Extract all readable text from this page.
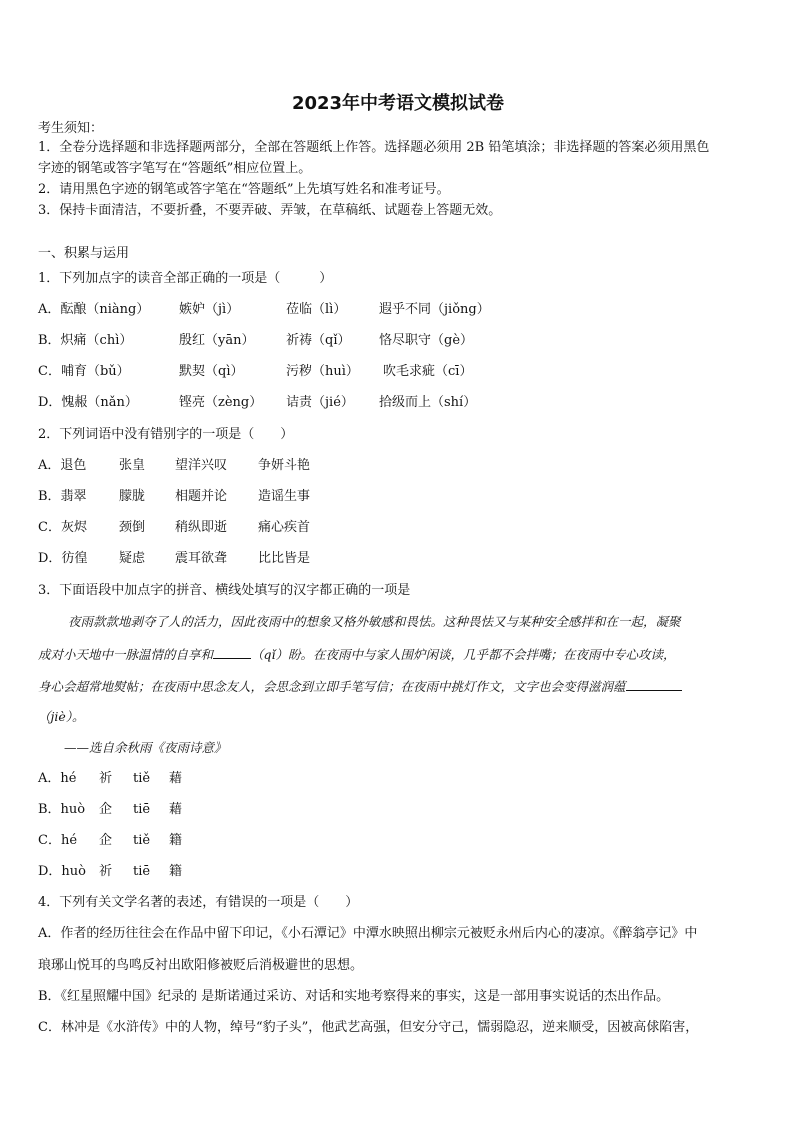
2023年中考语文模拟试卷
考生须知：
1．全卷分选择题和非选择题两部分，全部在答题纸上作答。选择题必须用 2B 铅笔填涂；非选择题的答案必须用黑色
字迹的钢笔或答字笔写在“答题纸”相应位置上。
2．请用黑色字迹的钢笔或答字笔在“答题纸”上先填写姓名和准考证号。
3．保持卡面清洁，不要折叠，不要弄破、弄皱，在草稿纸、试题卷上答题无效。
一、积累与运用
1．下列加点字的读音全部正确的一项是（　　　）
A．酝酿（niàng） 嫉妒（jì）	莅临（lì）	遐乎不同（jiǒng）
B．炽痛（chì）	殷红（yān） 祈祷（qǐ） 恪尽职守（gè）
C．哺育（bǔ）	默契（qì）	污秽（huì） 吹毛求疵（cī）
D．愧赧（nǎn）	铿亮（zèng） 诘责（jié） 拾级而上（shí）
2．下列词语中没有错别字的一项是（　　）
A．退色	张皇 望洋兴叹 争妍斗艳
B．翡翠 朦胧 相题并论 造谣生事
C．灰烬 颈倒 稍纵即逝 痛心疾首
D．彷徨 疑虑 震耳欲聋 比比皆是
3．下面语段中加点字的拼音、横线处填写的汉字都正确的一项是
夜雨款款地剥夺了人的活力，因此夜雨中的想象又格外敏感和畏怯。这种畏怯又与某种安全感拌和在一起，凝聚
成对小天地中一脉温情的自享和	（qǐ）盼。在夜雨中与家人围炉闲谈，几乎都不会拌嘴；在夜雨中专心攻读，
身心会超常地熨帖；在夜雨中思念友人，会思念到立即手笔写信；在夜雨中挑灯作文，文字也会变得滋润蕴
（jiè）。
——选自余秋雨《夜雨诗意》
A．hé 祈 tiě 藉
B．huò 企 tiē 藉
C．hé 企 tiě 籍
D．huò 祈 tiē 籍
4．下列有关文学名著的表述，有错误的一项是（　　）
A．作者的经历往往会在作品中留下印记，《小石潭记》中潭水映照出柳宗元被贬永州后内心的凄凉。《醉翁亭记》中
琅琊山悦耳的鸟鸣反衬出欧阳修被贬后消极避世的思想。
B．《红星照耀中国》纪录的 是斯诺通过采访、对话和实地考察得来的事实，这是一部用事实说话的杰出作品。
C．林冲是《水浒传》中的人物，绰号“豹子头”，他武艺高强，但安分守己，懦弱隐忍，逆来顺受，因被高俅陷害，
